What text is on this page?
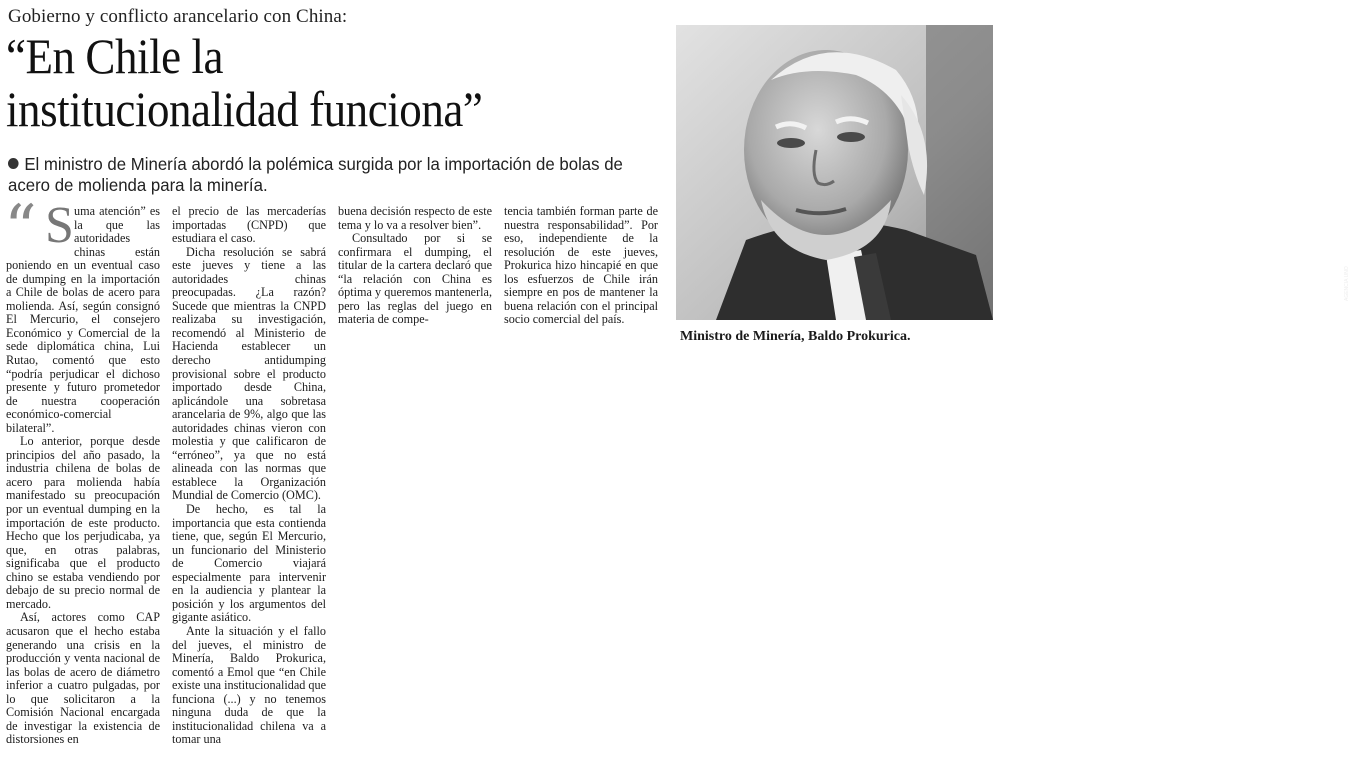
Gobierno y conflicto arancelario con China:
“En Chile la
institucionalidad funciona”
El ministro de Minería abordó la polémica surgida por la importación de bolas de acero de molienda para la minería.
“ S uma atención” es la que las autoridades chinas están poniendo en un eventual caso de dumping en la importación a Chile de bolas de acero para molienda. Así, según consignó El Mercurio, el consejero Económico y Comercial de la sede diplomática china, Lui Rutao, comentó que esto “podría perjudicar el dichoso presente y futuro prometedor de nuestra cooperación económico-comercial bilateral”.

Lo anterior, porque desde principios del año pasado, la industria chilena de bolas de acero para molienda había manifestado su preocupación por un eventual dumping en la importación de este producto. Hecho que los perjudicaba, ya que, en otras palabras, significaba que el producto chino se estaba vendiendo por debajo de su precio normal de mercado.

Así, actores como CAP acusaron que el hecho estaba generando una crisis en la producción y venta nacional de las bolas de acero de diámetro inferior a cuatro pulgadas, por lo que solicitaron a la Comisión Nacional encargada de investigar la existencia de distorsiones en

el precio de las mercaderías importadas (CNPD) que estudiara el caso.

Dicha resolución se sabrá este jueves y tiene a las autoridades chinas preocupadas. ¿La razón? Sucede que mientras la CNPD realizaba su investigación, recomendó al Ministerio de Hacienda establecer un derecho antidumping provisional sobre el producto importado desde China, aplicándole una sobretasa arancelaria de 9%, algo que las autoridades chinas vieron con molestia y que calificaron de “erróneo”, ya que no está alineada con las normas que establece la Organización Mundial de Comercio (OMC).

De hecho, es tal la importancia que esta contienda tiene, que, según El Mercurio, un funcionario del Ministerio de Comercio viajará especialmente para intervenir en la audiencia y plantear la posición y los argumentos del gigante asiático.

Ante la situación y el fallo del jueves, el ministro de Minería, Baldo Prokurica, comentó a Emol que “en Chile existe una institucionalidad que funciona (...) y no tenemos ninguna duda de que la institucionalidad chilena va a tomar una

buena decisión respecto de este tema y lo va a resolver bien”.

Consultado por si se confirmara el dumping, el titular de la cartera declaró que “la relación con China es óptima y queremos mantenerla, pero las reglas del juego en materia de compe-

tencia también forman parte de nuestra responsabilidad”. Por eso, independiente de la resolución de este jueves, Prokurica hizo hincapié en que los esfuerzos de Chile irán siempre en pos de mantener la buena relación con el principal socio comercial del país.

AGENCIA UNO
Ministro de Minería, Baldo Prokurica.
